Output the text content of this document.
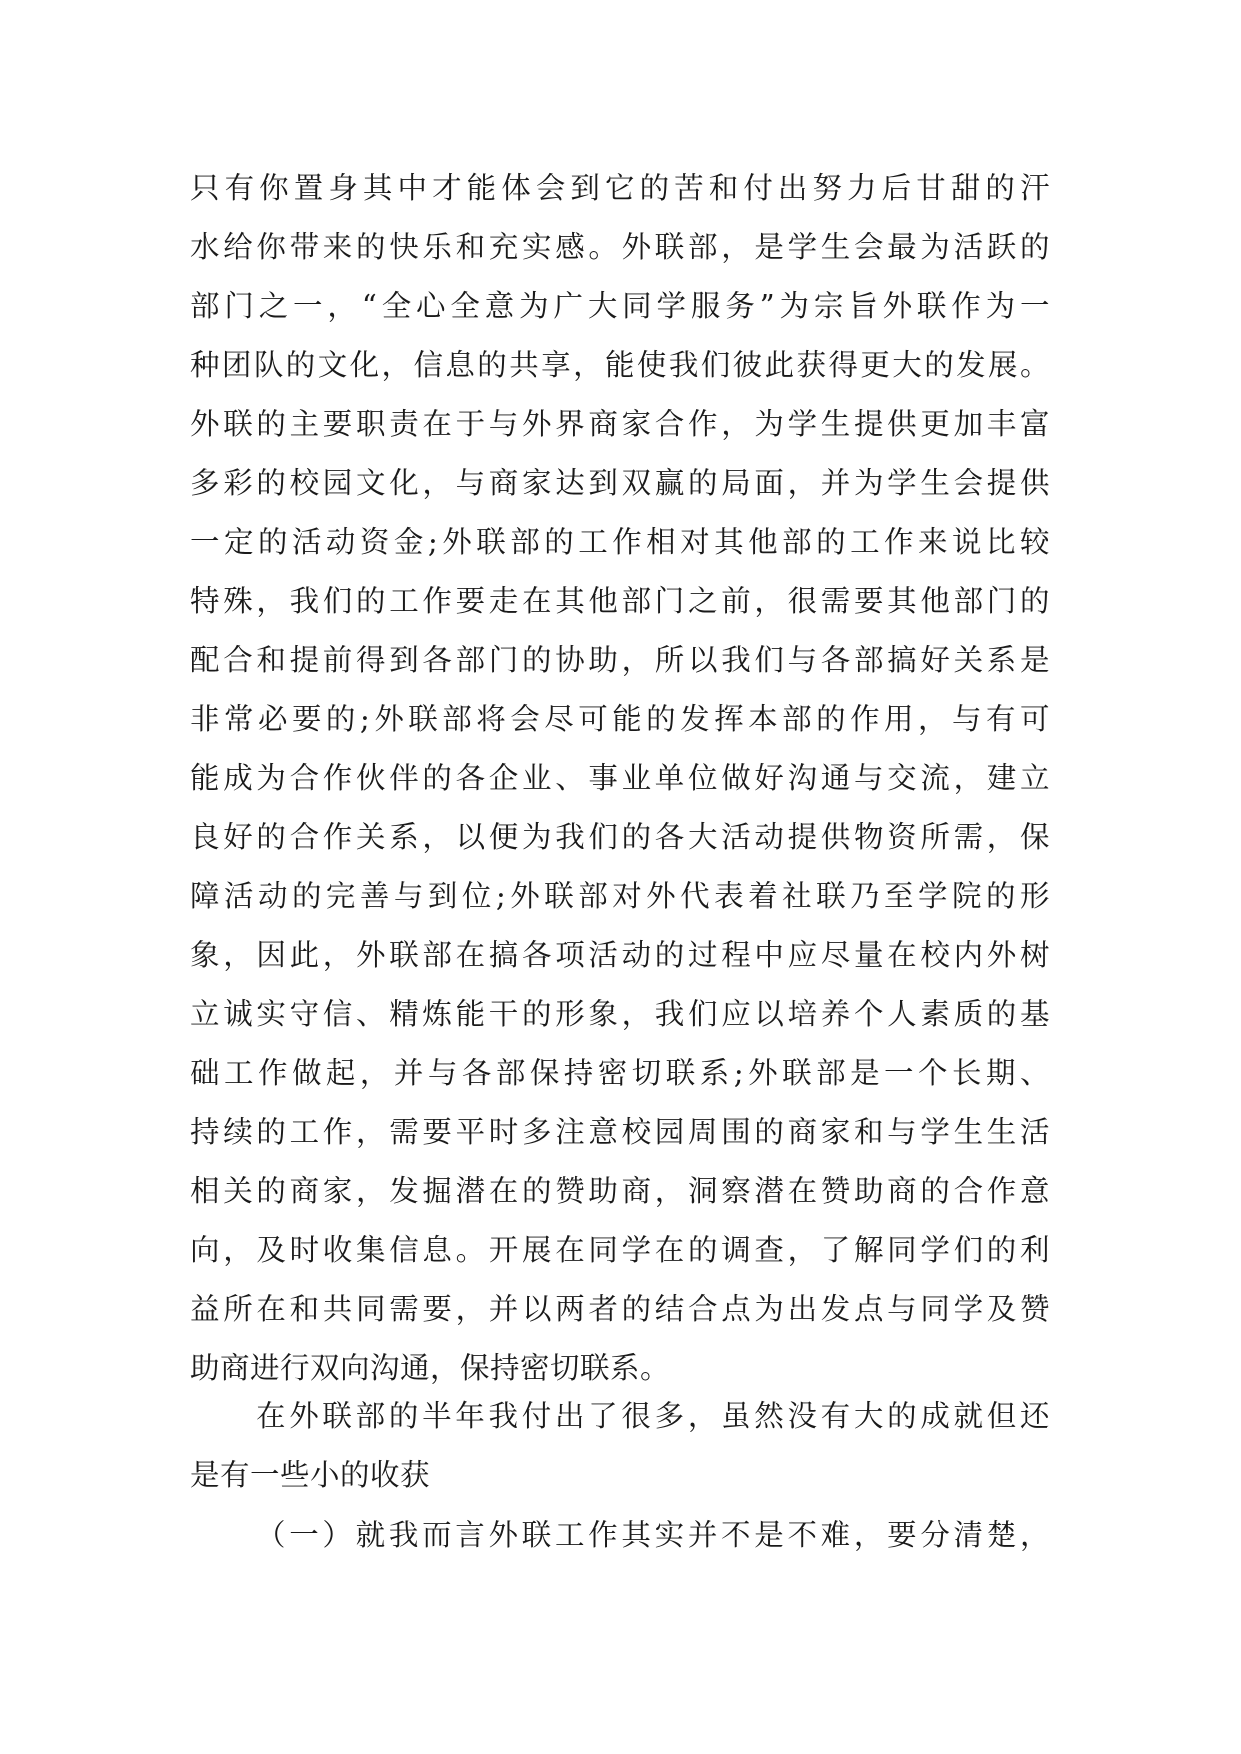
只有你置身其中才能体会到它的苦和付出努力后甘甜的汗
水给你带来的快乐和充实感。外联部，是学生会最为活跃的
部门之一，“全心全意为广大同学服务”为宗旨外联作为一
种团队的文化，信息的共享，能使我们彼此获得更大的发展。
外联的主要职责在于与外界商家合作，为学生提供更加丰富
多彩的校园文化，与商家达到双赢的局面，并为学生会提供
一定的活动资金;外联部的工作相对其他部的工作来说比较
特殊，我们的工作要走在其他部门之前，很需要其他部门的
配合和提前得到各部门的协助，所以我们与各部搞好关系是
非常必要的;外联部将会尽可能的发挥本部的作用，与有可
能成为合作伙伴的各企业、事业单位做好沟通与交流，建立
良好的合作关系，以便为我们的各大活动提供物资所需，保
障活动的完善与到位;外联部对外代表着社联乃至学院的形
象，因此，外联部在搞各项活动的过程中应尽量在校内外树
立诚实守信、精炼能干的形象，我们应以培养个人素质的基
础工作做起，并与各部保持密切联系;外联部是一个长期、
持续的工作，需要平时多注意校园周围的商家和与学生生活
相关的商家，发掘潜在的赞助商，洞察潜在赞助商的合作意
向，及时收集信息。开展在同学在的调查，了解同学们的利
益所在和共同需要，并以两者的结合点为出发点与同学及赞
助商进行双向沟通，保持密切联系。
在外联部的半年我付出了很多，虽然没有大的成就但还
是有一些小的收获
（一）就我而言外联工作其实并不是不难，要分清楚，
